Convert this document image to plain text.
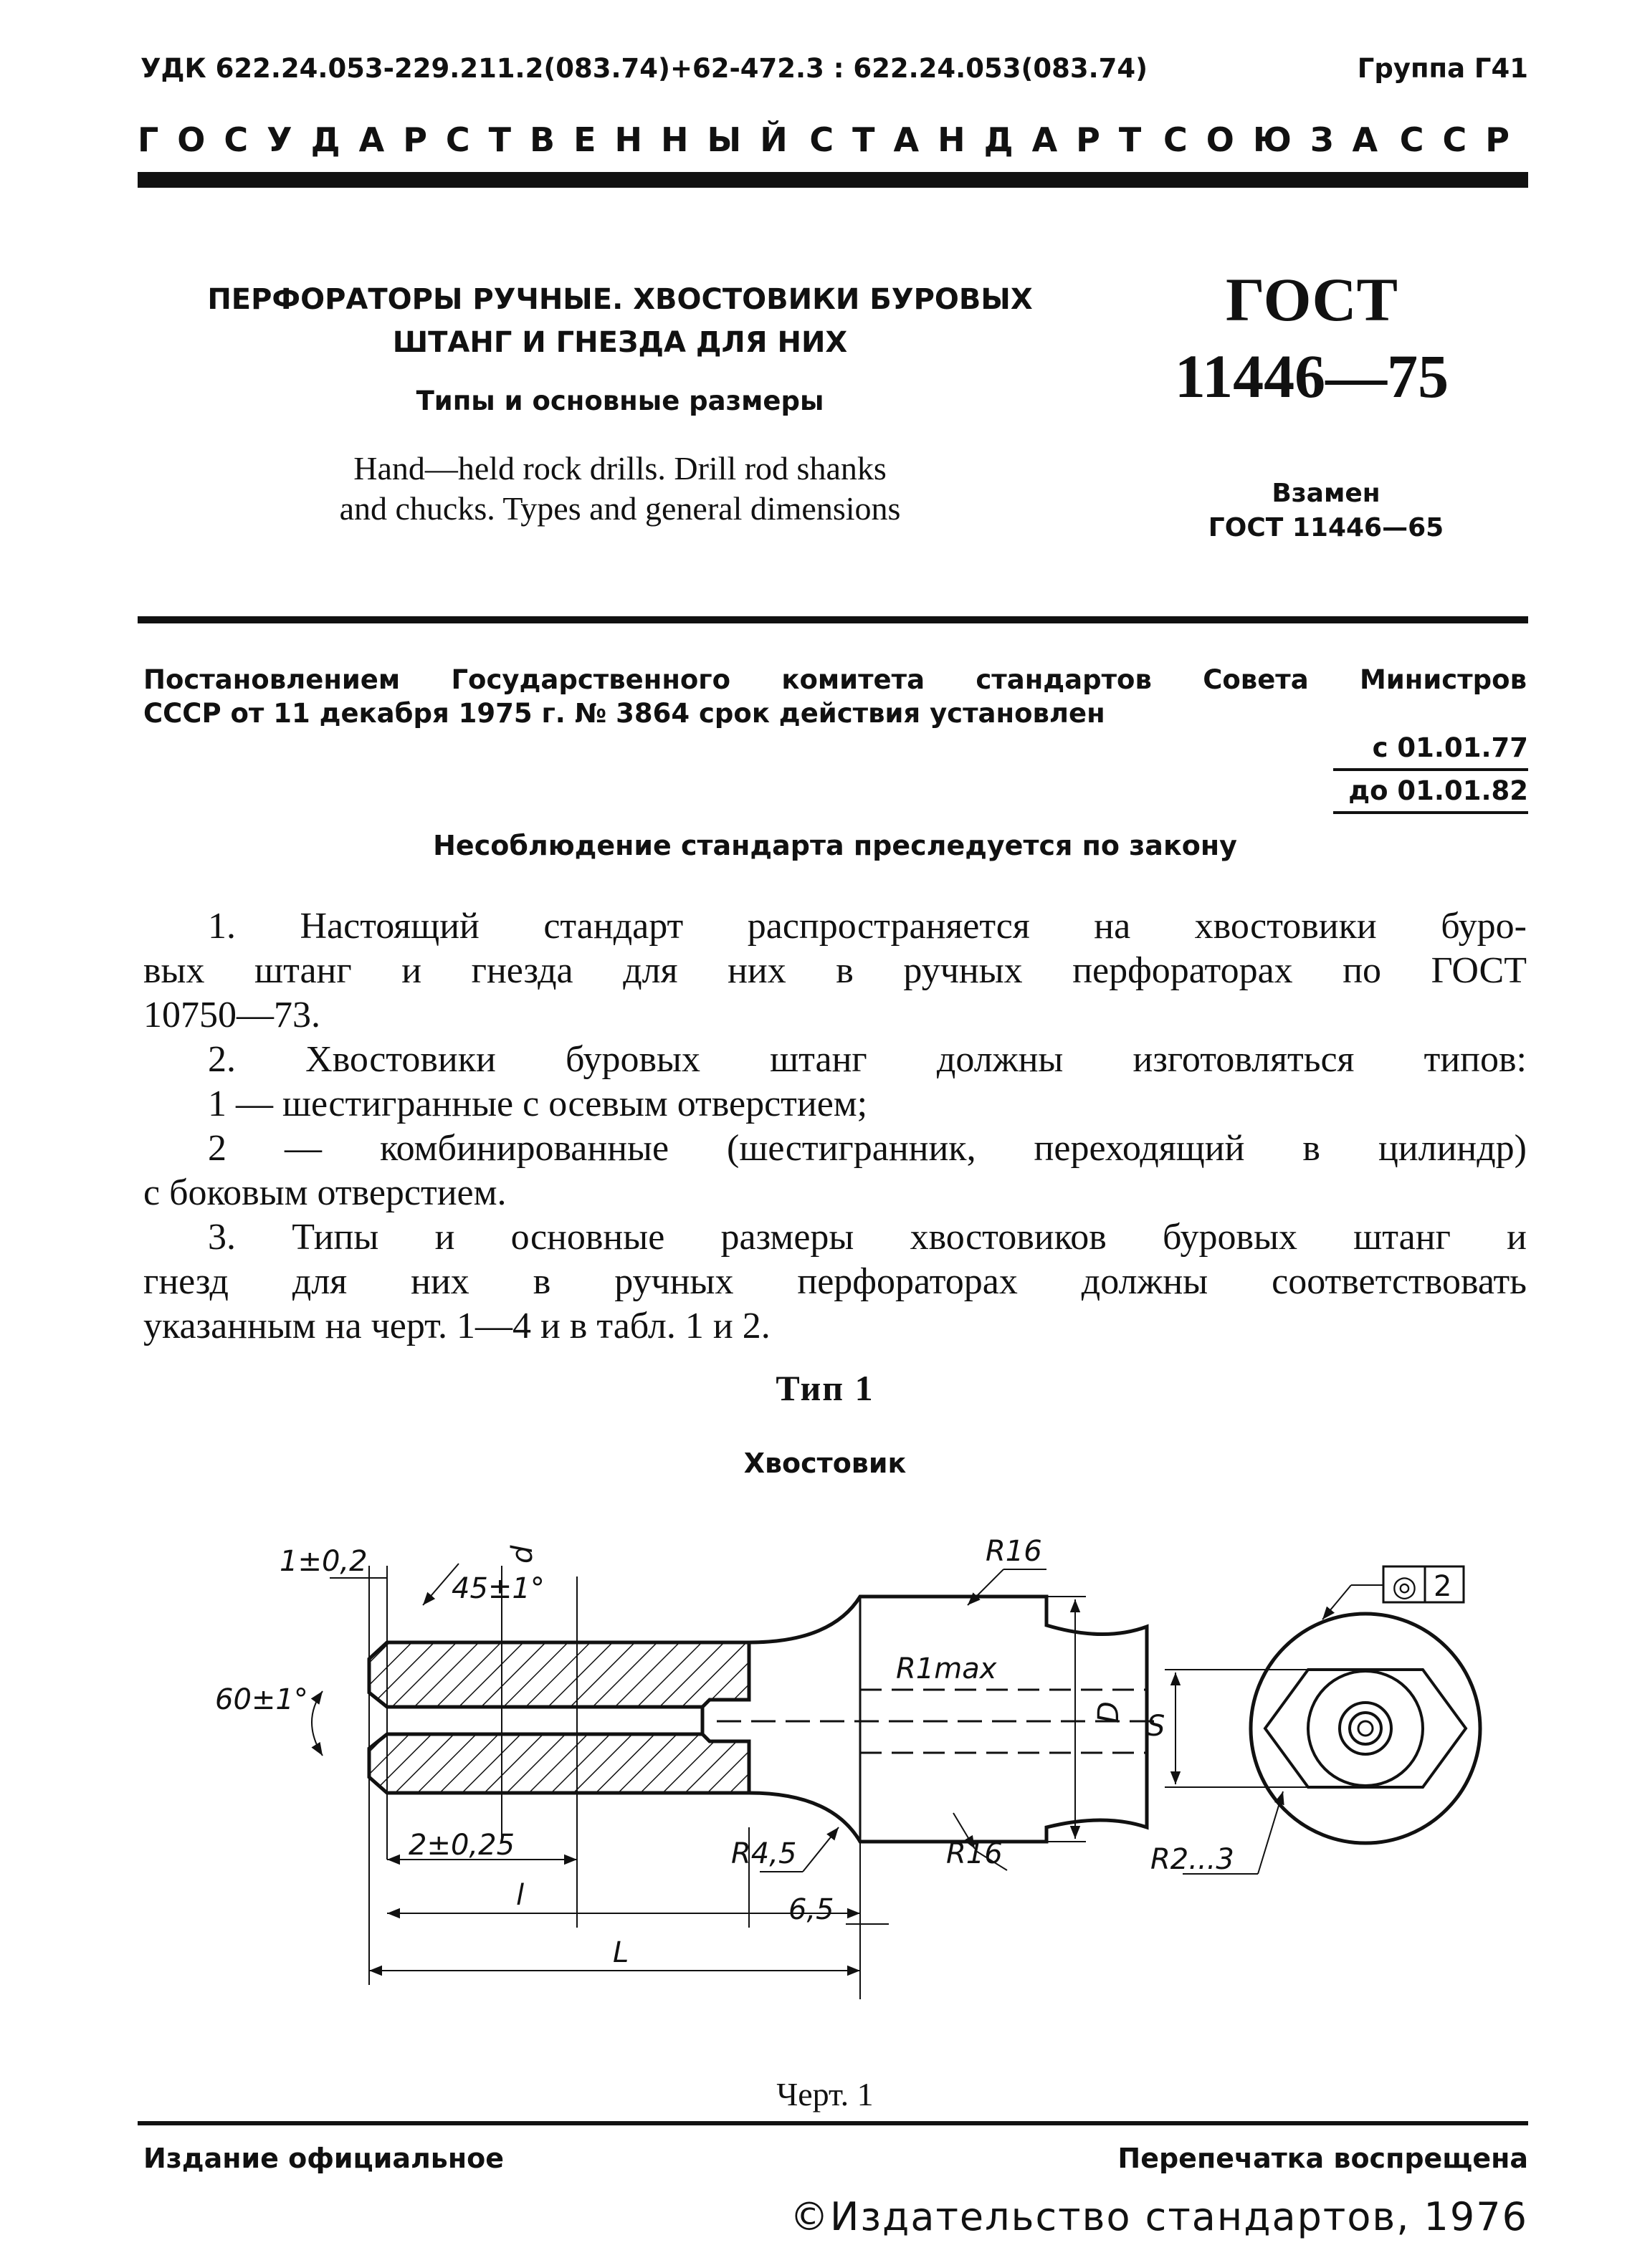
УДК 622.24.053-229.211.2(083.74)+62-472.3 : 622.24.053(083.74)	Группа Г41
ГОСУДАРСТВЕННЫЙ СТАНДАРТ СОЮЗА ССР
ПЕРФОРАТОРЫ РУЧНЫЕ. ХВОСТОВИКИ БУРОВЫХ
ШТАНГ И ГНЕЗДА ДЛЯ НИХ
Типы и основные размеры
Hand—held rock drills. Drill rod shanks
and chucks. Types and general dimensions
ГОСТ
11446—75
Взамен
ГОСТ 11446—65
Постановлением Государственного комитета стандартов Совета Министров
СССР от 11 декабря 1975 г. № 3864 срок действия установлен
с 01.01.77
до 01.01.82
Несоблюдение стандарта преследуется по закону
1. Настоящий стандарт распространяется на хвостовики буро-
вых штанг и гнезда для них в ручных перфораторах по ГОСТ
10750—73.
2. Хвостовики буровых штанг должны изготовляться типов:
1 — шестигранные с осевым отверстием;
2 — комбинированные (шестигранник, переходящий в цилиндр)
с боковым отверстием.
3. Типы и основные размеры хвостовиков буровых штанг и
гнезд для них в ручных перфораторах должны соответствовать
указанным на черт. 1—4 и в табл. 1 и 2.
Тип 1
Хвостовик
1±0,2
45±1°
d
60±1°
R16
R1max
D
2±0,25	R4,5	R16
6,5
l
L
S
R2...3
◎ 2
Черт. 1
Издание официальное	Перепечатка воспрещена
©Издательство стандартов, 1976
